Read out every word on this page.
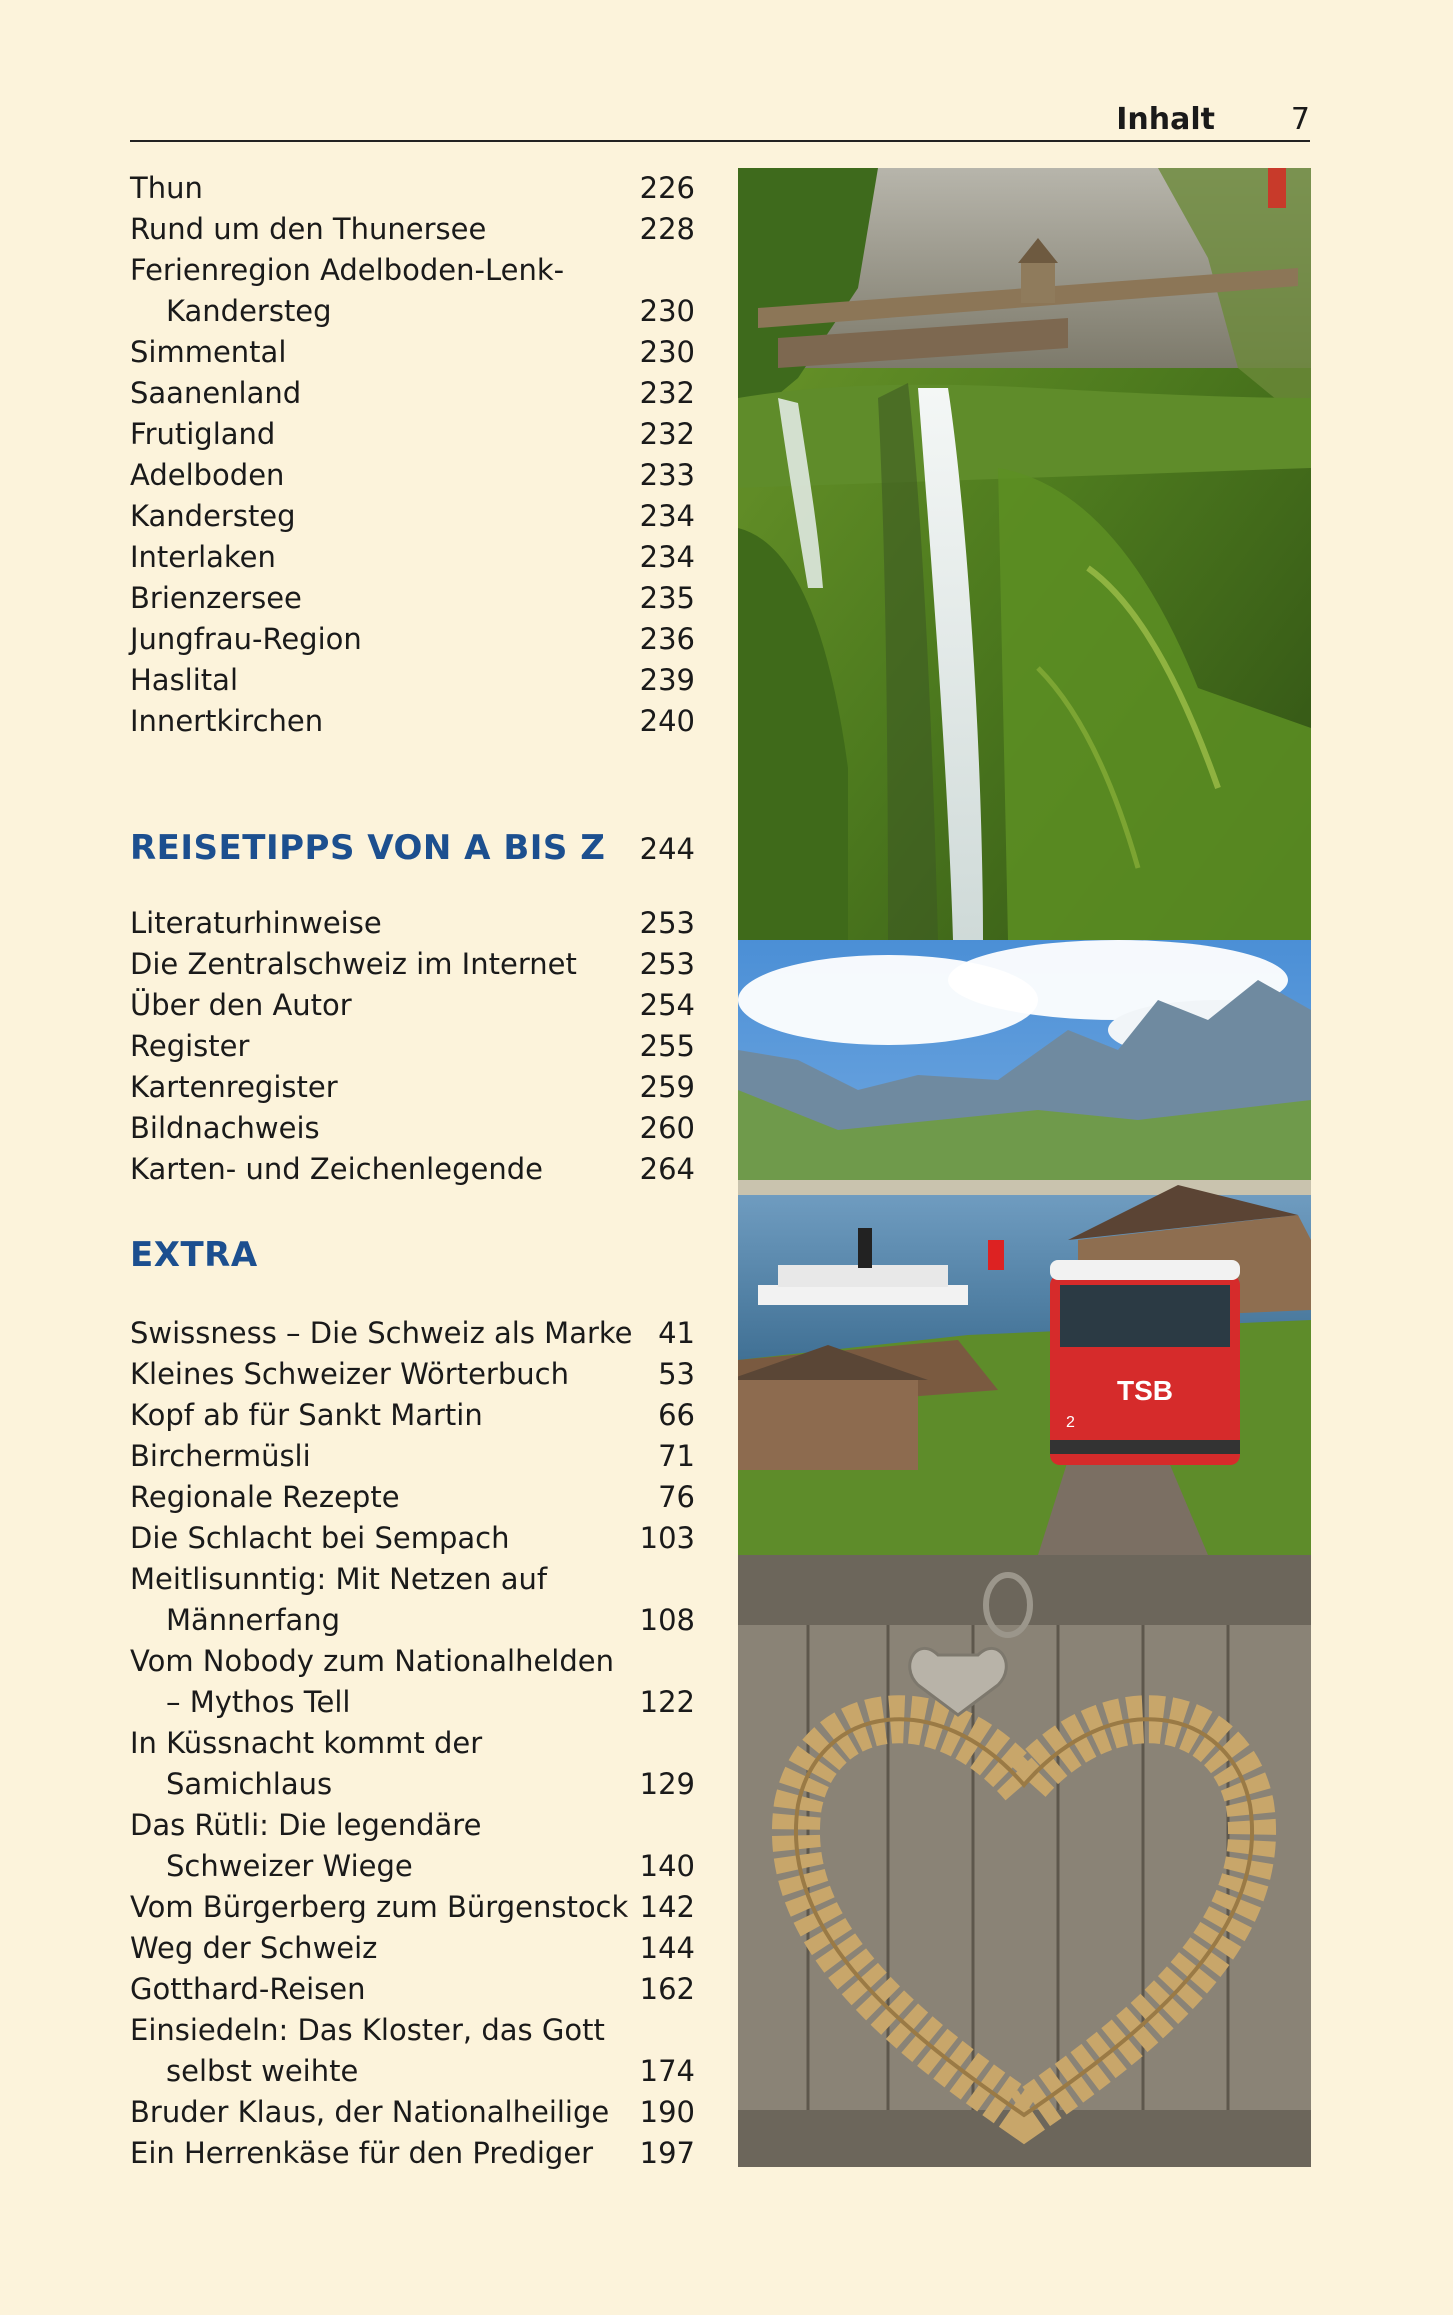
Inhalt	7
Thun	226
Rund um den Thunersee	228
Ferienregion Adelboden-Lenk-
Kandersteg	230
Simmental	230
Saanenland	232
Frutigland	232
Adelboden	233
Kandersteg	234
Interlaken	234
Brienzersee	235
Jungfrau-Region	236
Haslital	239
Innertkirchen	240
REISETIPPS VON A BIS Z 244
Literaturhinweise	253
Die Zentralschweiz im Internet 253
Über den Autor	254
Register	255
Kartenregister	259
Bildnachweis	260
Karten- und Zeichenlegende	264
EXTRA
Swissness – Die Schweiz als Marke 41
Kleines Schweizer Wörterbuch	53
Kopf ab für Sankt Martin	66
Birchermüsli	71
Regionale Rezepte	76
Die Schlacht bei Sempach	103
Meitlisunntig: Mit Netzen auf
Männerfang	108
Vom Nobody zum Nationalhelden
– Mythos Tell	122
In Küssnacht kommt der
Samichlaus	129
Das Rütli: Die legendäre
Schweizer Wiege	140
Vom Bürgerberg zum Bürgenstock 142
Weg der Schweiz	144
Gotthard-Reisen	162
Einsiedeln: Das Kloster, das Gott
selbst weihte	174
Bruder Klaus, der Nationalheilige 190
Ein Herrenkäse für den Prediger 197
TSB
2
